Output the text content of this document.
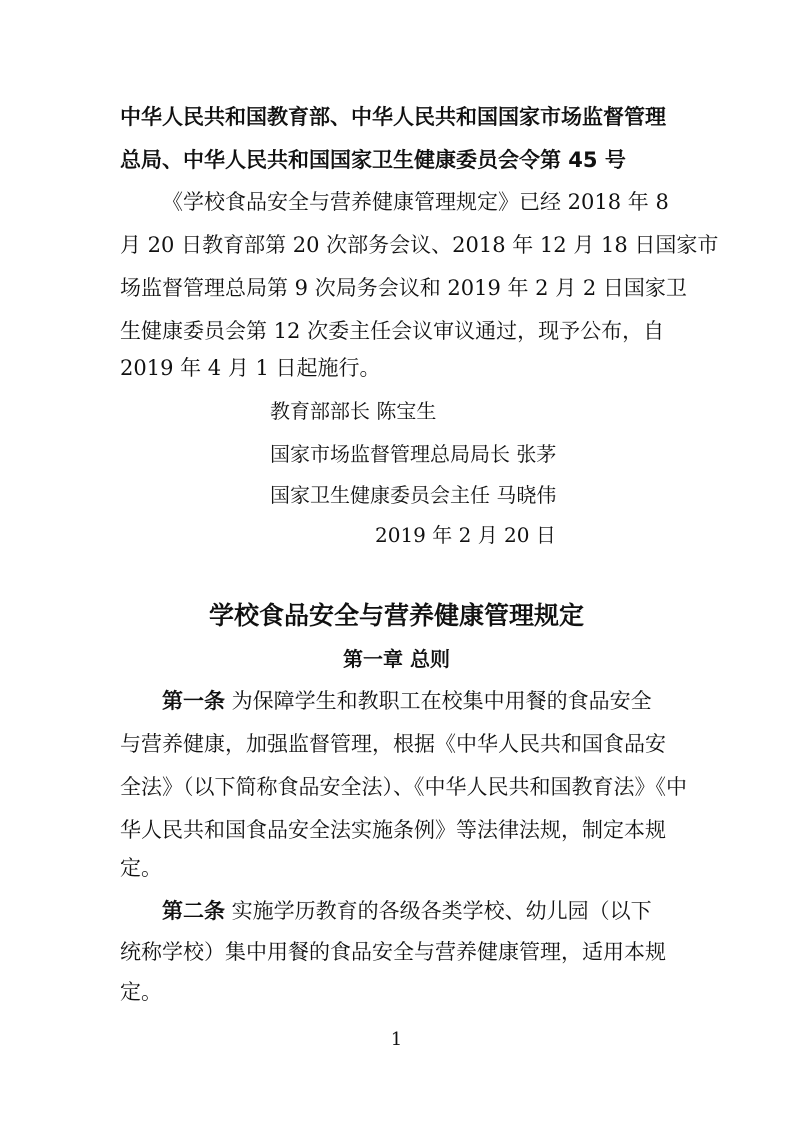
中华人民共和国教育部、中华人民共和国国家市场监督管理
总局、中华人民共和国国家卫生健康委员会令第 45 号
《学校食品安全与营养健康管理规定》已经 2018 年 8
月 20 日教育部第 20 次部务会议、2018 年 12 月 18 日国家市
场监督管理总局第 9 次局务会议和 2019 年 2 月 2 日国家卫
生健康委员会第 12 次委主任会议审议通过，现予公布，自
2019 年 4 月 1 日起施行。
教育部部长 陈宝生
国家市场监督管理总局局长 张茅
国家卫生健康委员会主任 马晓伟
2019 年 2 月 20 日
学校食品安全与营养健康管理规定
第一章 总则
第一条 为保障学生和教职工在校集中用餐的食品安全
与营养健康，加强监督管理，根据《中华人民共和国食品安
全法》（以下简称食品安全法）、《中华人民共和国教育法》《中
华人民共和国食品安全法实施条例》等法律法规，制定本规
定。
第二条 实施学历教育的各级各类学校、幼儿园（以下
统称学校）集中用餐的食品安全与营养健康管理，适用本规
定。
1
